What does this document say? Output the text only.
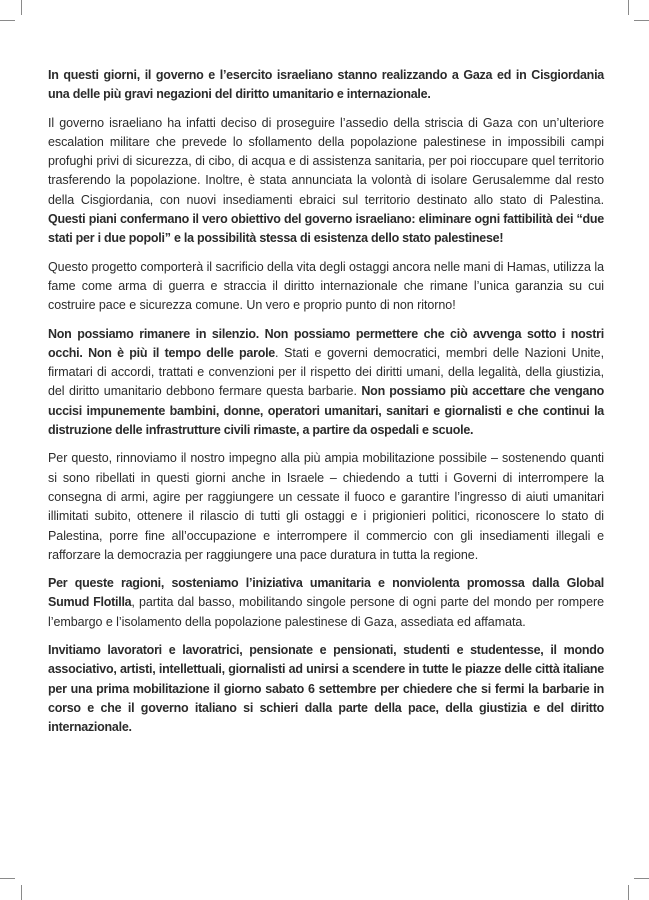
In questi giorni, il governo e l’esercito israeliano stanno realizzando a Gaza ed in Cisgiordania una delle più gravi negazioni del diritto umanitario e internazionale.

Il governo israeliano ha infatti deciso di proseguire l’assedio della striscia di Gaza con un’ulteriore escalation militare che prevede lo sfollamento della popolazione palestinese in impossibili campi profughi privi di sicurezza, di cibo, di acqua e di assistenza sanitaria, per poi rioccupare quel territorio trasferendo la popolazione. Inoltre, è stata annunciata la volontà di isolare Gerusalemme dal resto della Cisgiordania, con nuovi insediamenti ebraici sul territorio destinato allo stato di Palestina. Questi piani confermano il vero obiettivo del governo israeliano: eliminare ogni fattibilità dei “due stati per i due popoli” e la possibilità stessa di esistenza dello stato palestinese!

Questo progetto comporterà il sacrificio della vita degli ostaggi ancora nelle mani di Hamas, utilizza la fame come arma di guerra e straccia il diritto internazionale che rimane l’unica garanzia su cui costruire pace e sicurezza comune. Un vero e proprio punto di non ritorno!

Non possiamo rimanere in silenzio. Non possiamo permettere che ciò avvenga sotto i nostri occhi. Non è più il tempo delle parole. Stati e governi democratici, membri delle Nazioni Unite, firmatari di accordi, trattati e convenzioni per il rispetto dei diritti umani, della legalità, della giustizia, del diritto umanitario debbono fermare questa barbarie. Non possiamo più accettare che vengano uccisi impunemente bambini, donne, operatori umanitari, sanitari e giornalisti e che continui la distruzione delle infrastrutture civili rimaste, a partire da ospedali e scuole.

Per questo, rinnoviamo il nostro impegno alla più ampia mobilitazione possibile – sostenendo quanti si sono ribellati in questi giorni anche in Israele – chiedendo a tutti i Governi di interrompere la consegna di armi, agire per raggiungere un cessate il fuoco e garantire l’ingresso di aiuti umanitari illimitati subito, ottenere il rilascio di tutti gli ostaggi e i prigionieri politici, riconoscere lo stato di Palestina, porre fine all’occupazione e interrompere il commercio con gli insediamenti illegali e rafforzare la democrazia per raggiungere una pace duratura in tutta la regione.

Per queste ragioni, sosteniamo l’iniziativa umanitaria e nonviolenta promossa dalla Global Sumud Flotilla, partita dal basso, mobilitando singole persone di ogni parte del mondo per rompere l’embargo e l’isolamento della popolazione palestinese di Gaza, assediata ed affamata.

Invitiamo lavoratori e lavoratrici, pensionate e pensionati, studenti e studentesse, il mondo associativo, artisti, intellettuali, giornalisti ad unirsi a scendere in tutte le piazze delle città italiane per una prima mobilitazione il giorno sabato 6 settembre per chiedere che si fermi la barbarie in corso e che il governo italiano si schieri dalla parte della pace, della giustizia e del diritto internazionale.
